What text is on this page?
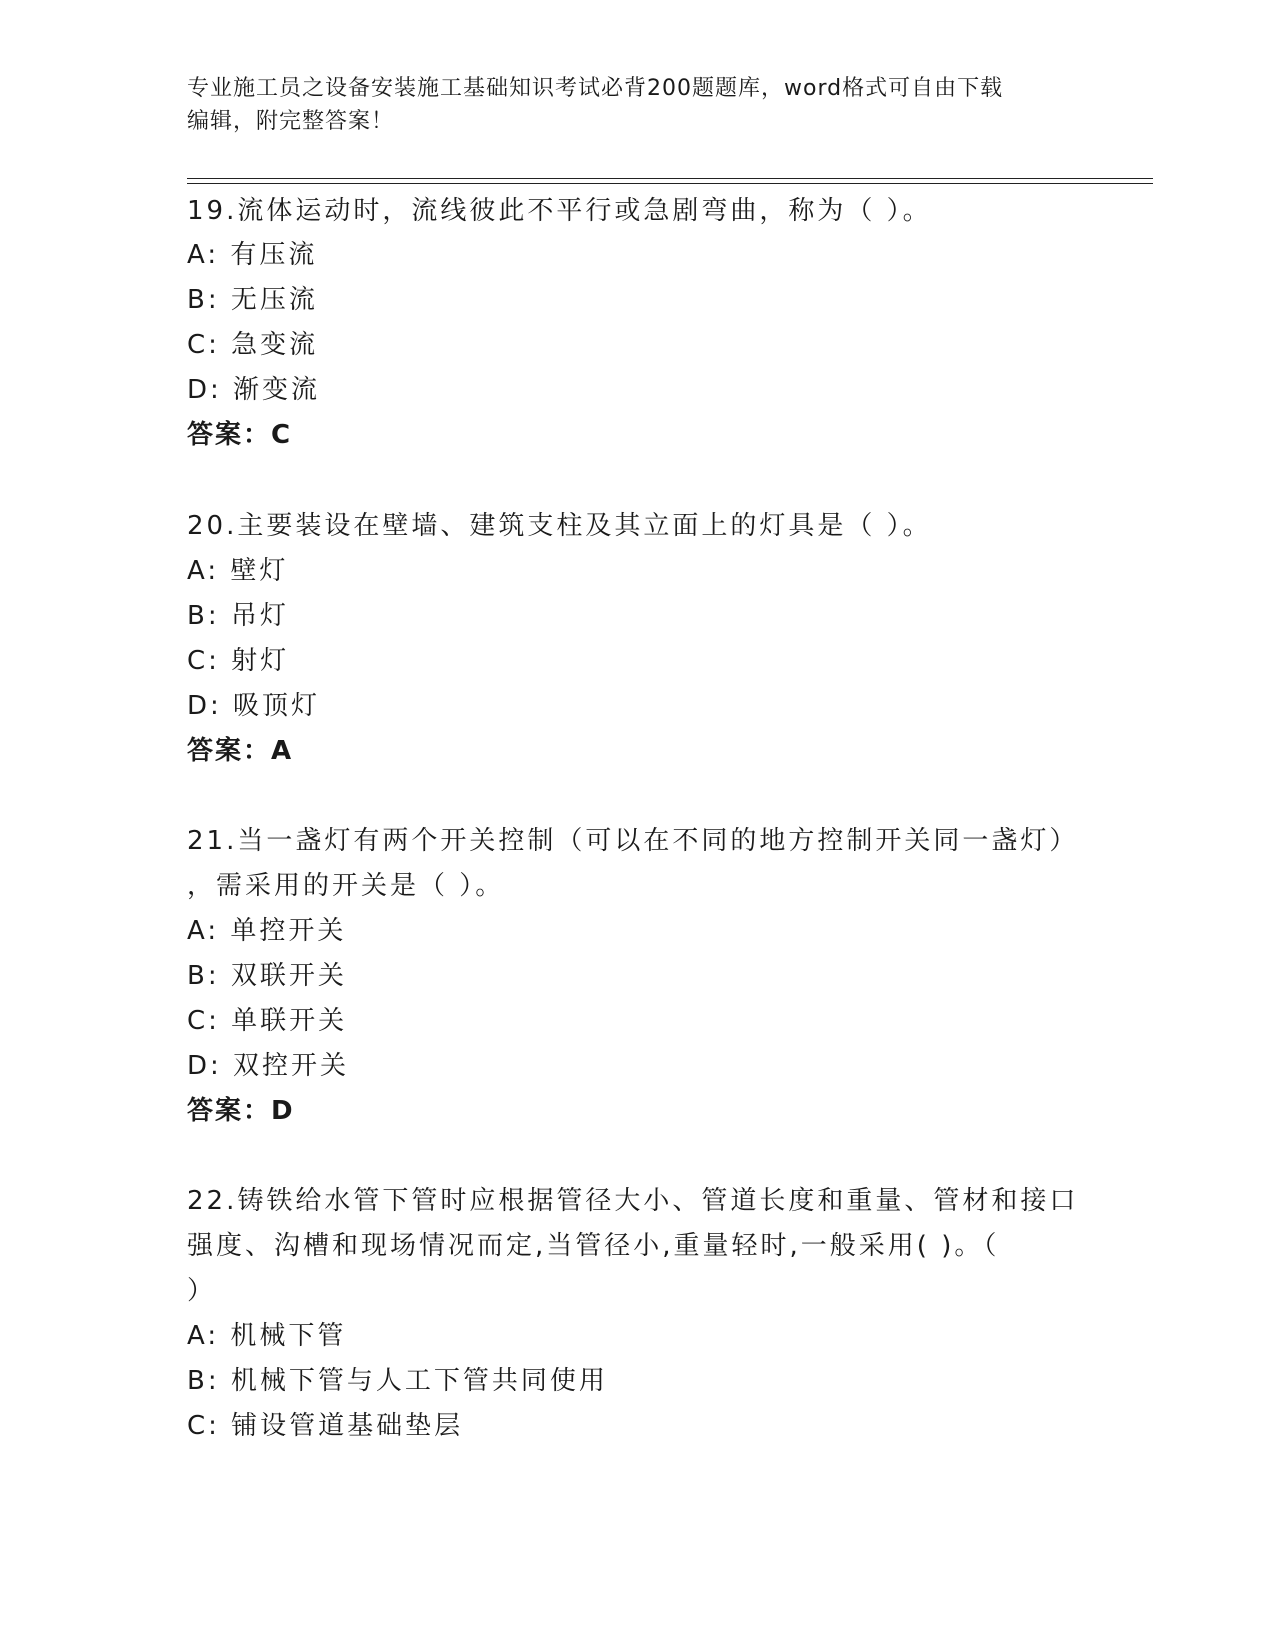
专业施工员之设备安装施工基础知识考试必背200题题库，word格式可自由下载
编辑，附完整答案！
19.流体运动时，流线彼此不平行或急剧弯曲，称为（ ）。
A: 有压流
B: 无压流
C: 急变流
D: 渐变流
答案：C
20.主要装设在壁墙、建筑支柱及其立面上的灯具是（ ）。
A: 壁灯
B: 吊灯
C: 射灯
D: 吸顶灯
答案：A
21.当一盏灯有两个开关控制（可以在不同的地方控制开关同一盏灯）
，需采用的开关是（ ）。
A: 单控开关
B: 双联开关
C: 单联开关
D: 双控开关
答案：D
22.铸铁给水管下管时应根据管径大小、管道长度和重量、管材和接口
强度、沟槽和现场情况而定,当管径小,重量轻时,一般采用( )。（
）
A: 机械下管
B: 机械下管与人工下管共同使用
C: 铺设管道基础垫层
